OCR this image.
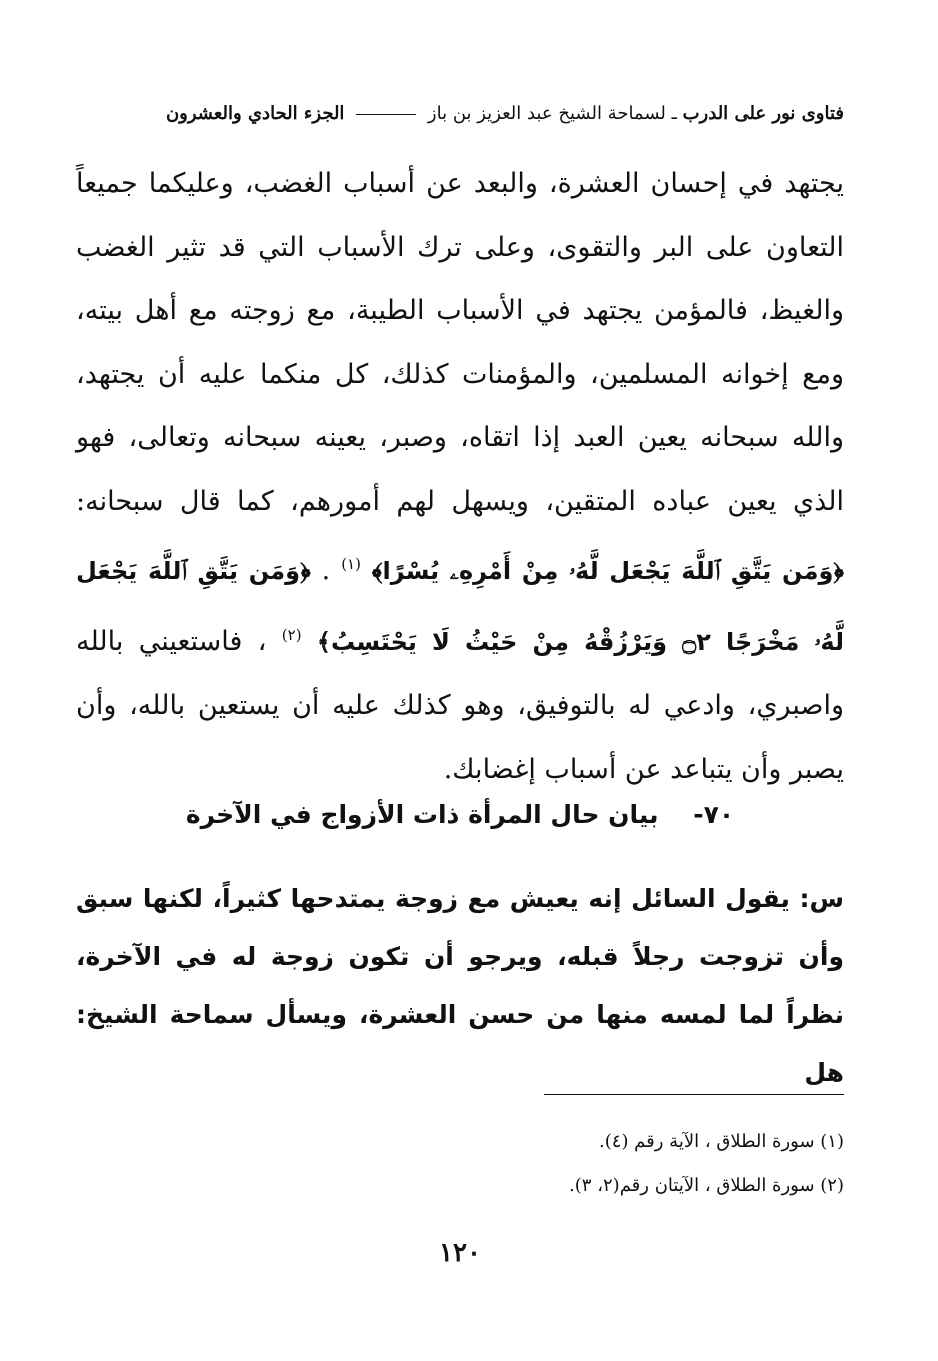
فتاوى نور على الدرب ـ لسماحة الشيخ عبد العزيز بن باز  الجزء الحادي والعشرون

يجتهد في إحسان العشرة، والبعد عن أسباب الغضب، وعليكما جميعاً التعاون على البر والتقوى، وعلى ترك الأسباب التي قد تثير الغضب والغيظ، فالمؤمن يجتهد في الأسباب الطيبة، مع زوجته مع أهل بيته، ومع إخوانه المسلمين، والمؤمنات كذلك، كل منكما عليه أن يجتهد، والله سبحانه يعين العبد إذا اتقاه، وصبر، يعينه سبحانه وتعالى، فهو الذي يعين عباده المتقين، ويسهل لهم أمورهم، كما قال سبحانه: ﴿وَمَن يَتَّقِ ٱللَّهَ يَجْعَل لَّهُۥ مِنْ أَمْرِهِۦ يُسْرًا﴾ $^{(١)}$ . ﴿وَمَن يَتَّقِ ٱللَّهَ يَجْعَل لَّهُۥ مَخْرَجًا ۝٢ وَيَرْزُقْهُ مِنْ حَيْثُ لَا يَحْتَسِبُ﴾ $^{(٢)}$ ، فاستعيني بالله واصبري، وادعي له بالتوفيق، وهو كذلك عليه أن يستعين بالله، وأن يصبر وأن يتباعد عن أسباب إغضابك.

٧٠- بيان حال المرأة ذات الأزواج في الآخرة

س: يقول السائل إنه يعيش مع زوجة يمتدحها كثيراً، لكنها سبق وأن تزوجت رجلاً قبله، ويرجو أن تكون زوجة له في الآخرة، نظراً لما لمسه منها من حسن العشرة، ويسأل سماحة الشيخ: هل

(١) سورة الطلاق ، الآية رقم (٤).
(٢) سورة الطلاق ، الآيتان رقم(٢، ٣).
١٢٠
